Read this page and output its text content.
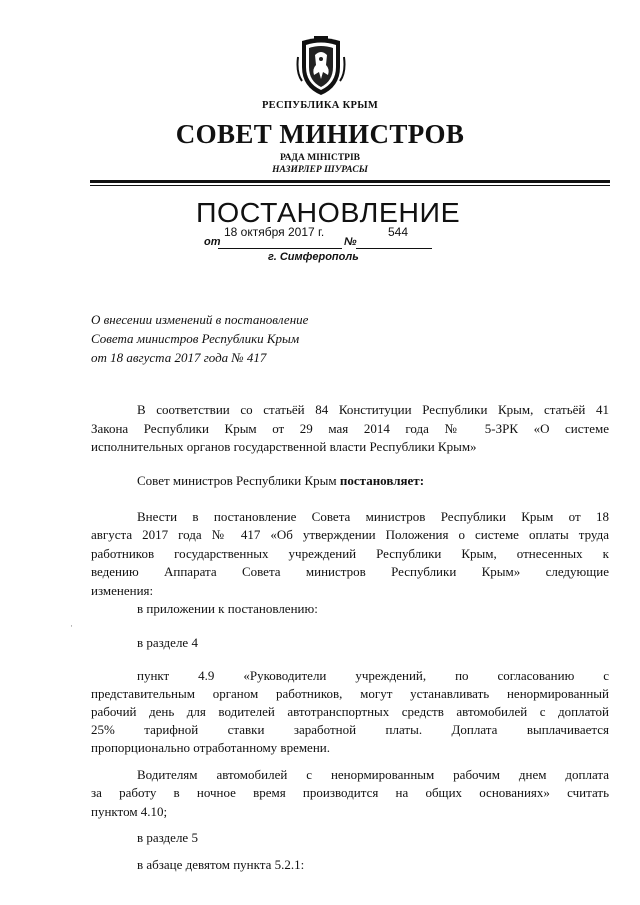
РЕСПУБЛИКА КРЫМ
СОВЕТ МИНИСТРОВ
РАДА МІНІСТРІВ
НАЗИРЛЕР ШУРАСЫ
ПОСТАНОВЛЕНИЕ
от
18 октября 2017 г.
№
544
г. Симферополь
О внесении изменений в постановление
Совета министров Республики Крым
от 18 августа 2017 года № 417
В соответствии со статьёй 84 Конституции Республики Крым, статьёй 41
Закона Республики Крым от 29 мая 2014 года № 5-ЗРК «О системе
исполнительных органов государственной власти Республики Крым»
Совет министров Республики Крым постановляет:
Внести в постановление Совета министров Республики Крым от 18
августа 2017 года № 417 «Об утверждении Положения о системе оплаты труда
работников государственных учреждений Республики Крым, отнесенных к
ведению Аппарата Совета министров Республики Крым» следующие
изменения:
·
в приложении к постановлению:
в разделе 4
пункт 4.9 «Руководители учреждений, по согласованию с
представительным органом работников, могут устанавливать ненормированный
рабочий день для водителей автотранспортных средств автомобилей с доплатой
25% тарифной ставки заработной платы. Доплата выплачивается
пропорционально отработанному времени.
Водителям автомобилей с ненормированным рабочим днем доплата
за работу в ночное время производится на общих основаниях» считать
пунктом 4.10;
в разделе 5
в абзаце девятом пункта 5.2.1:
